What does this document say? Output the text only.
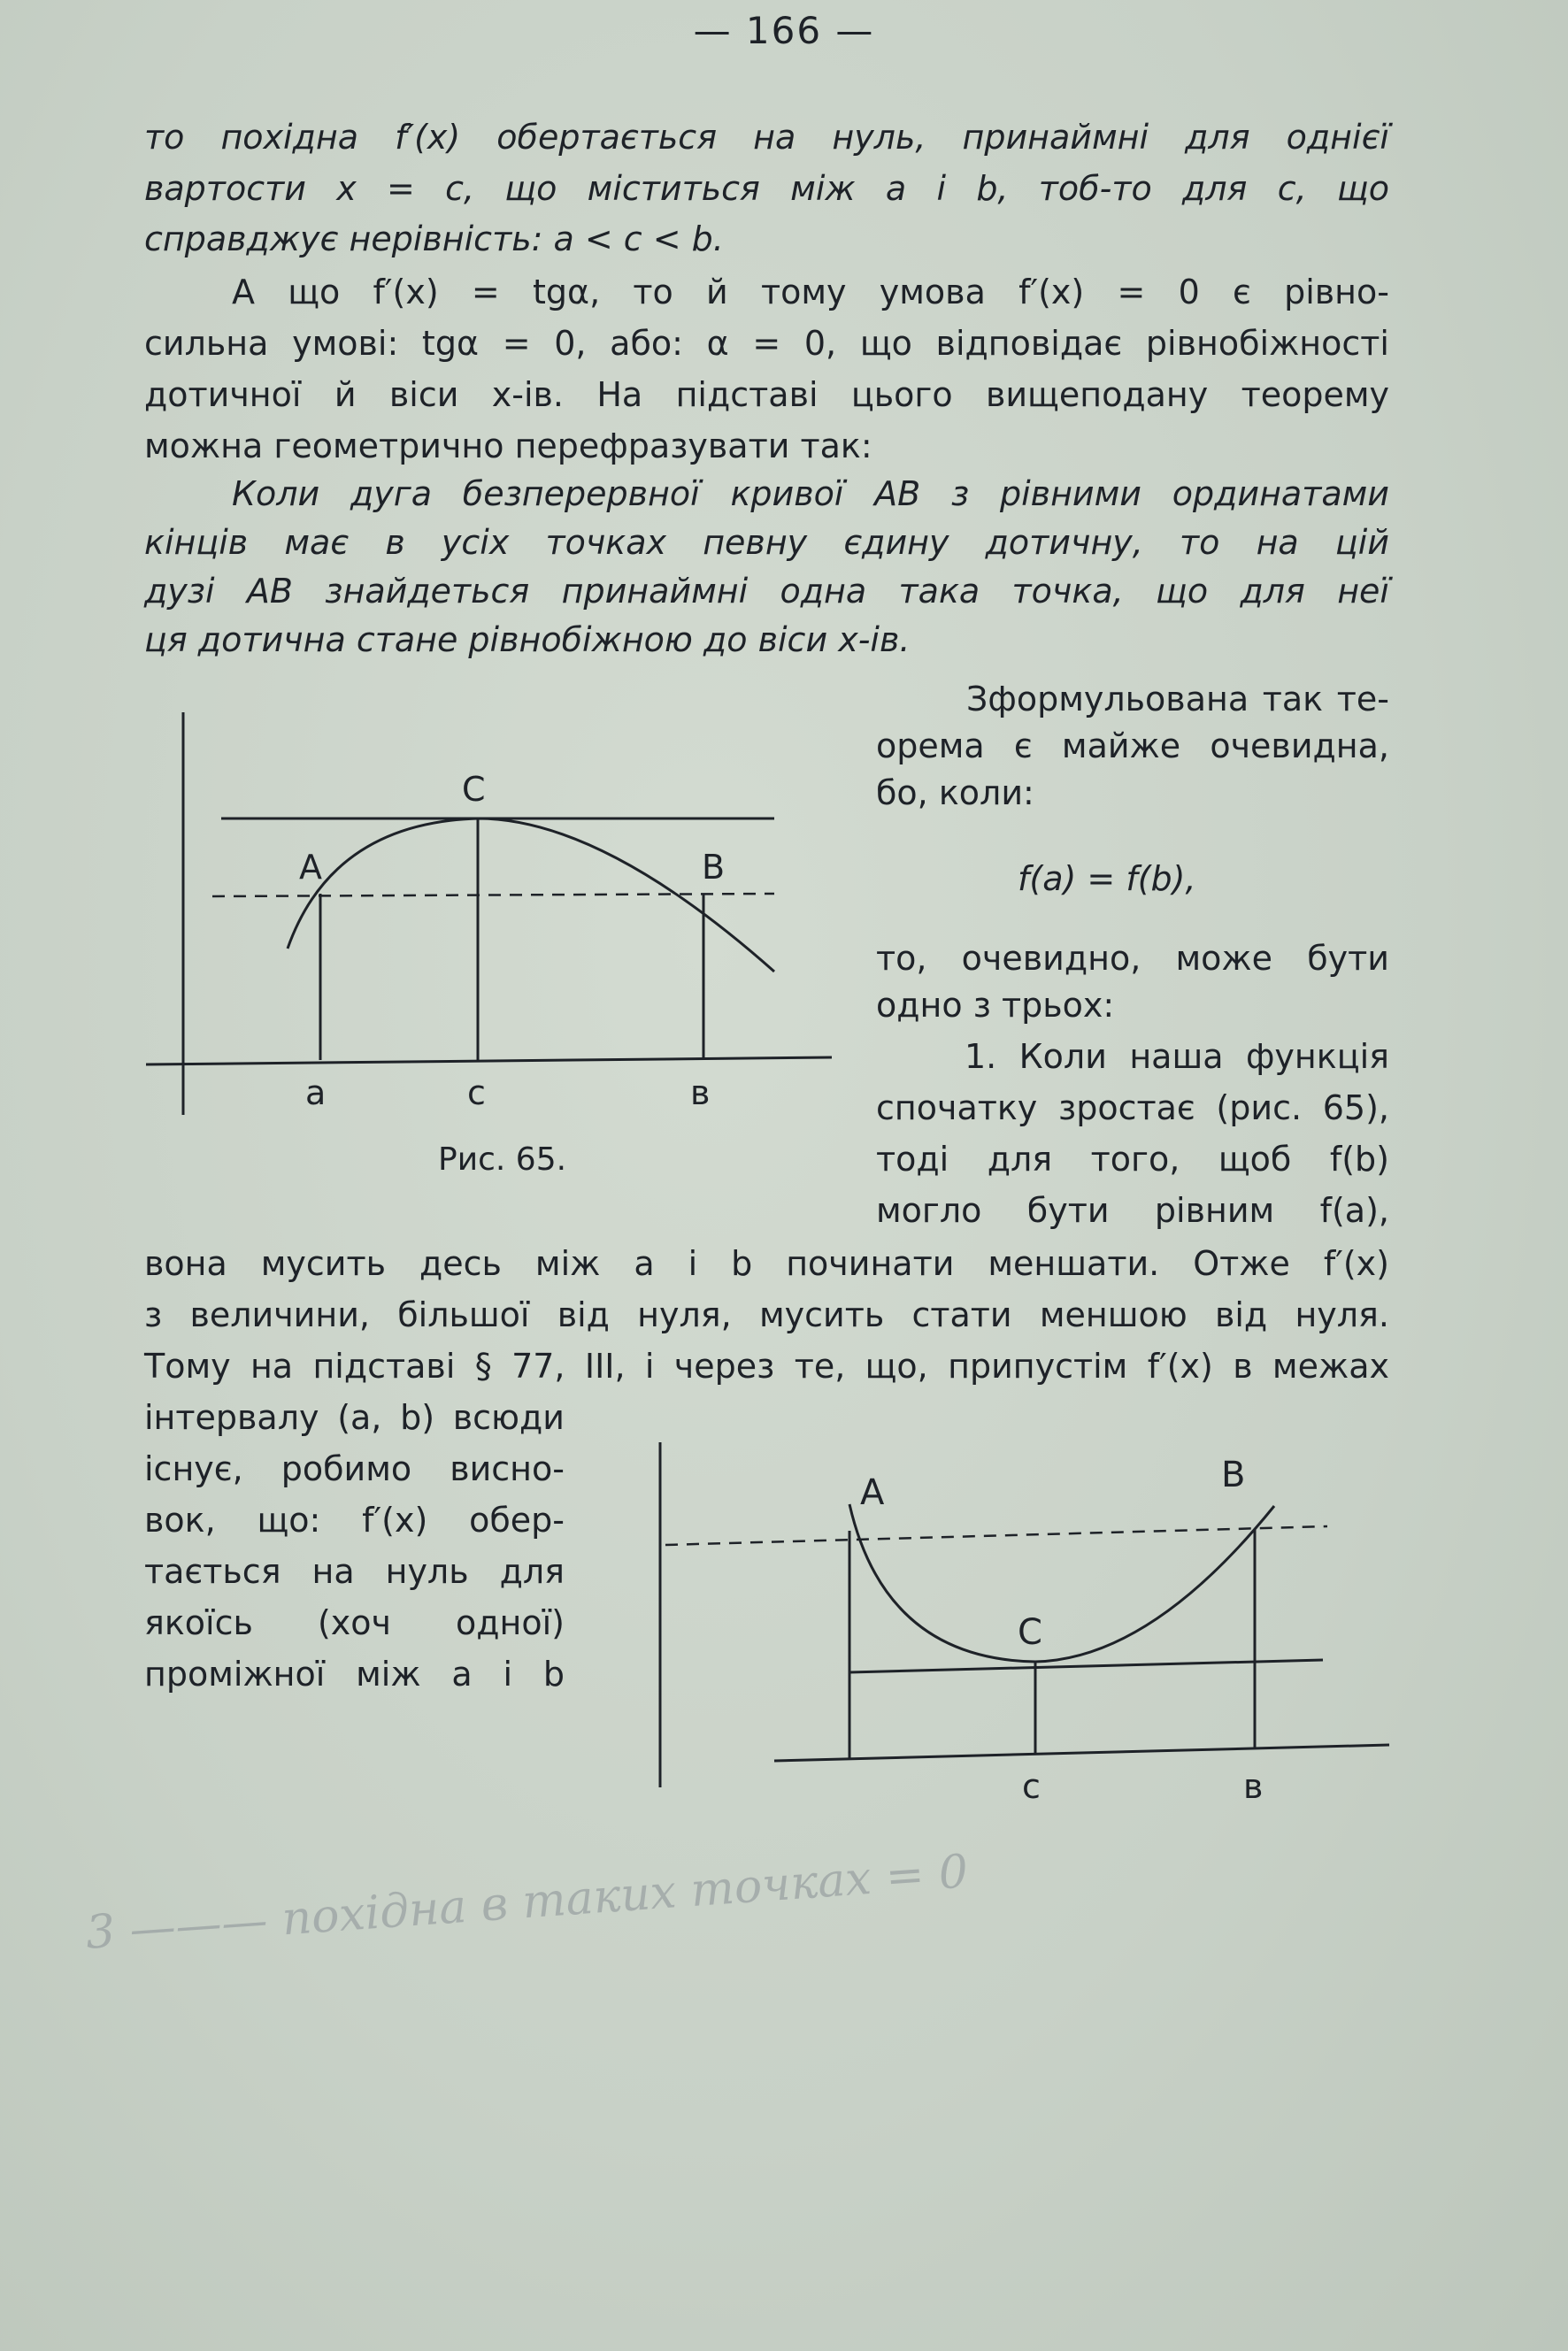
— 166 —
то похідна f′(x) обертається на нуль, принаймні для однієї
вартости x = c, що міститься між a і b, тоб-то для c, що
справджує нерівність: a < c < b.
А що f′(x) = tgα, то й тому умова f′(x) = 0 є рівно-
сильна умові: tgα = 0, або: α = 0, що відповідає рівнобіжності
дотичної й віси x-ів. На підставі цього вищеподану теорему
можна геометрично перефразувати так:
Коли дуга безперервної кривої AB з рівними ординатами
кінців має в усіх точках певну єдину дотичну, то на цій
дузі AB знайдеться принаймні одна така точка, що для неї
ця дотична стане рівнобіжною до віси x-ів.
C
A	B
a	c	в
Рис. 65.
Зформульована так те-
орема є майже очевидна,
бо, коли:
f(a) = f(b),
то, очевидно, може бути
одно з трьох:
1. Коли наша функція
спочатку зростає (рис. 65),
тоді для того, щоб f(b)
могло бути рівним f(a),
вона мусить десь між a і b починати меншати. Отже f′(x)
з величини, більшої від нуля, мусить стати меншою від нуля.
Тому на підставі § 77, III, і через те, що, припустім f′(x) в межах
інтервалу (a, b) всюди
існує, робимо висно-
вок, що: f′(x) обер-
тається на нуль для
якоїсь (хоч одної)
проміжної між a і b
A	B
C
c	в
3 ——— похідна в таких точках = 0
